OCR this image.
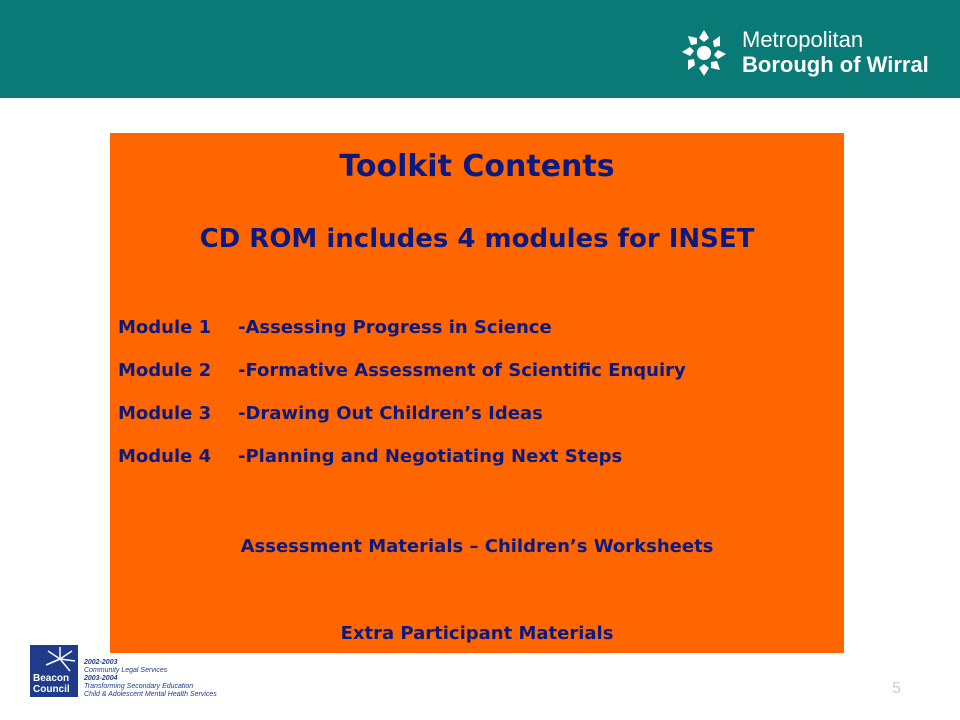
Metropolitan
Borough of Wirral
Toolkit Contents
CD ROM includes 4 modules for INSET
Module 1 -Assessing Progress in Science
Module 2 -Formative Assessment of Scientific Enquiry
Module 3 -Drawing Out Children’s Ideas
Module 4 -Planning and Negotiating Next Steps
Assessment Materials – Children’s Worksheets
Extra Participant Materials
Beacon
Council
2002-2003
Community Legal Services
2003-2004
Transforming Secondary Education
Child & Adolescent Mental Health Services	5
